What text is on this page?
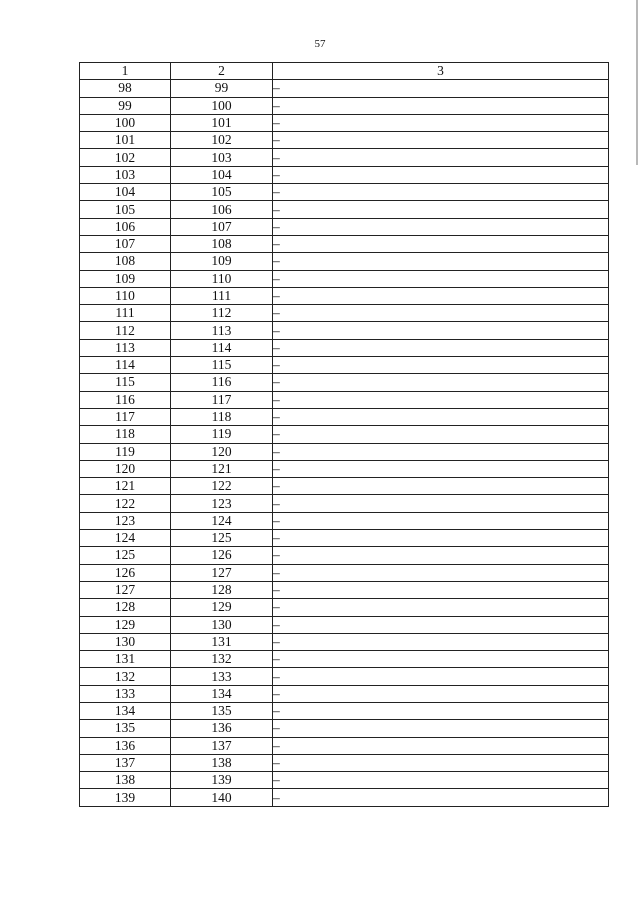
57
1	2	3
98	99	–
99	100	–
100	101	–
101	102	–
102	103	–
103	104	–
104	105	–
105	106	–
106	107	–
107	108	–
108	109	–
109	110	–
110	111	–
111	112	–
112	113	–
113	114	–
114	115	–
115	116	–
116	117	–
117	118	–
118	119	–
119	120	–
120	121	–
121	122	–
122	123	–
123	124	–
124	125	–
125	126	–
126	127	–
127	128	–
128	129	–
129	130	–
130	131	–
131	132	–
132	133	–
133	134	–
134	135	–
135	136	–
136	137	–
137	138	–
138	139	–
139	140	–
